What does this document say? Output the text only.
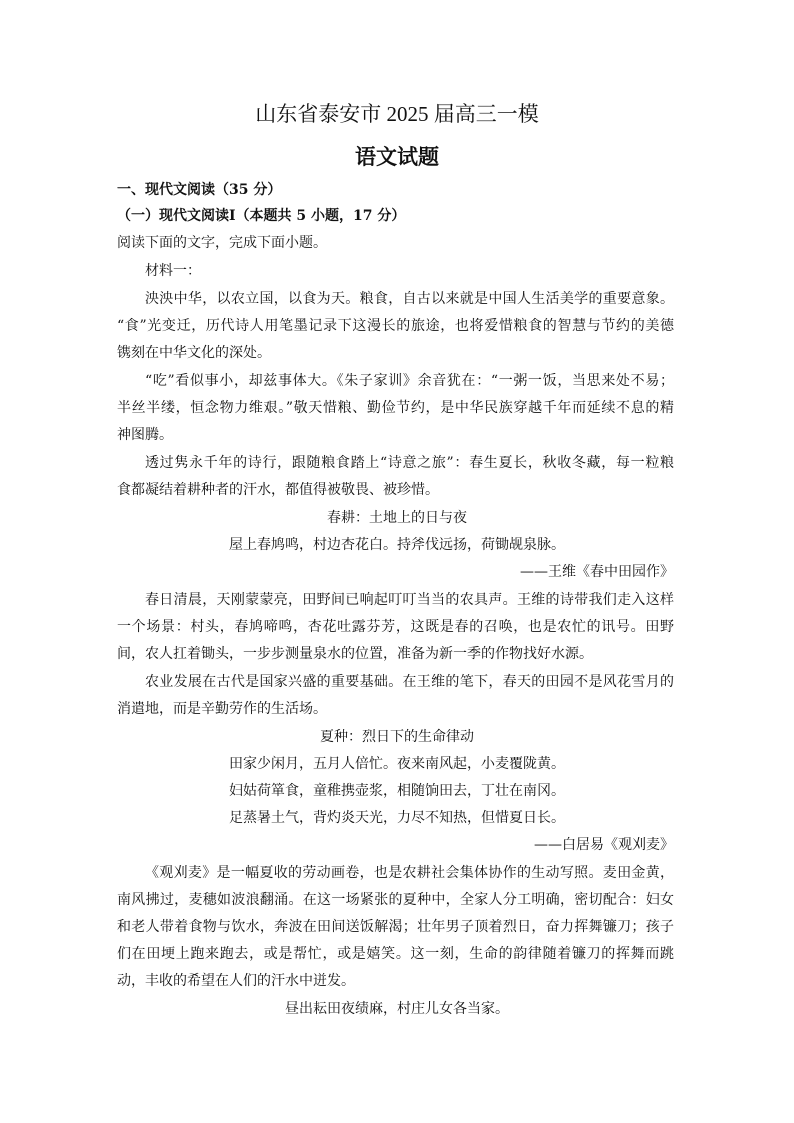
山东省泰安市 2025 届高三一模
语文试题
一、现代文阅读（35 分）
（一）现代文阅读Ⅰ（本题共 5 小题，17 分）
阅读下面的文字，完成下面小题。
材料一：
泱泱中华，以农立国，以食为天。粮食，自古以来就是中国人生活美学的重要意象。
“食”光变迁，历代诗人用笔墨记录下这漫长的旅途，也将爱惜粮食的智慧与节约的美德
镌刻在中华文化的深处。
“吃”看似事小，却兹事体大。《朱子家训》余音犹在：“一粥一饭，当思来处不易；
半丝半缕，恒念物力维艰。”敬天惜粮、勤俭节约，是中华民族穿越千年而延续不息的精
神图腾。
透过隽永千年的诗行，跟随粮食踏上“诗意之旅”：春生夏长，秋收冬藏，每一粒粮
食都凝结着耕种者的汗水，都值得被敬畏、被珍惜。
春耕：土地上的日与夜
屋上春鸠鸣，村边杏花白。持斧伐远扬，荷锄觇泉脉。
——王维《春中田园作》
春日清晨，天刚蒙蒙亮，田野间已响起叮叮当当的农具声。王维的诗带我们走入这样
一个场景：村头，春鸠啼鸣，杏花吐露芬芳，这既是春的召唤，也是农忙的讯号。田野
间，农人扛着锄头，一步步测量泉水的位置，准备为新一季的作物找好水源。
农业发展在古代是国家兴盛的重要基础。在王维的笔下，春天的田园不是风花雪月的
消遣地，而是辛勤劳作的生活场。
夏种：烈日下的生命律动
田家少闲月，五月人倍忙。夜来南风起，小麦覆陇黄。
妇姑荷箪食，童稚携壶浆，相随饷田去，丁壮在南冈。
足蒸暑土气，背灼炎天光，力尽不知热，但惜夏日长。
——白居易《观刈麦》
《观刈麦》是一幅夏收的劳动画卷，也是农耕社会集体协作的生动写照。麦田金黄，
南风拂过，麦穗如波浪翻涌。在这一场紧张的夏种中，全家人分工明确，密切配合：妇女
和老人带着食物与饮水，奔波在田间送饭解渴；壮年男子顶着烈日，奋力挥舞镰刀；孩子
们在田埂上跑来跑去，或是帮忙，或是嬉笑。这一刻，生命的韵律随着镰刀的挥舞而跳
动，丰收的希望在人们的汗水中迸发。
昼出耘田夜绩麻，村庄儿女各当家。
